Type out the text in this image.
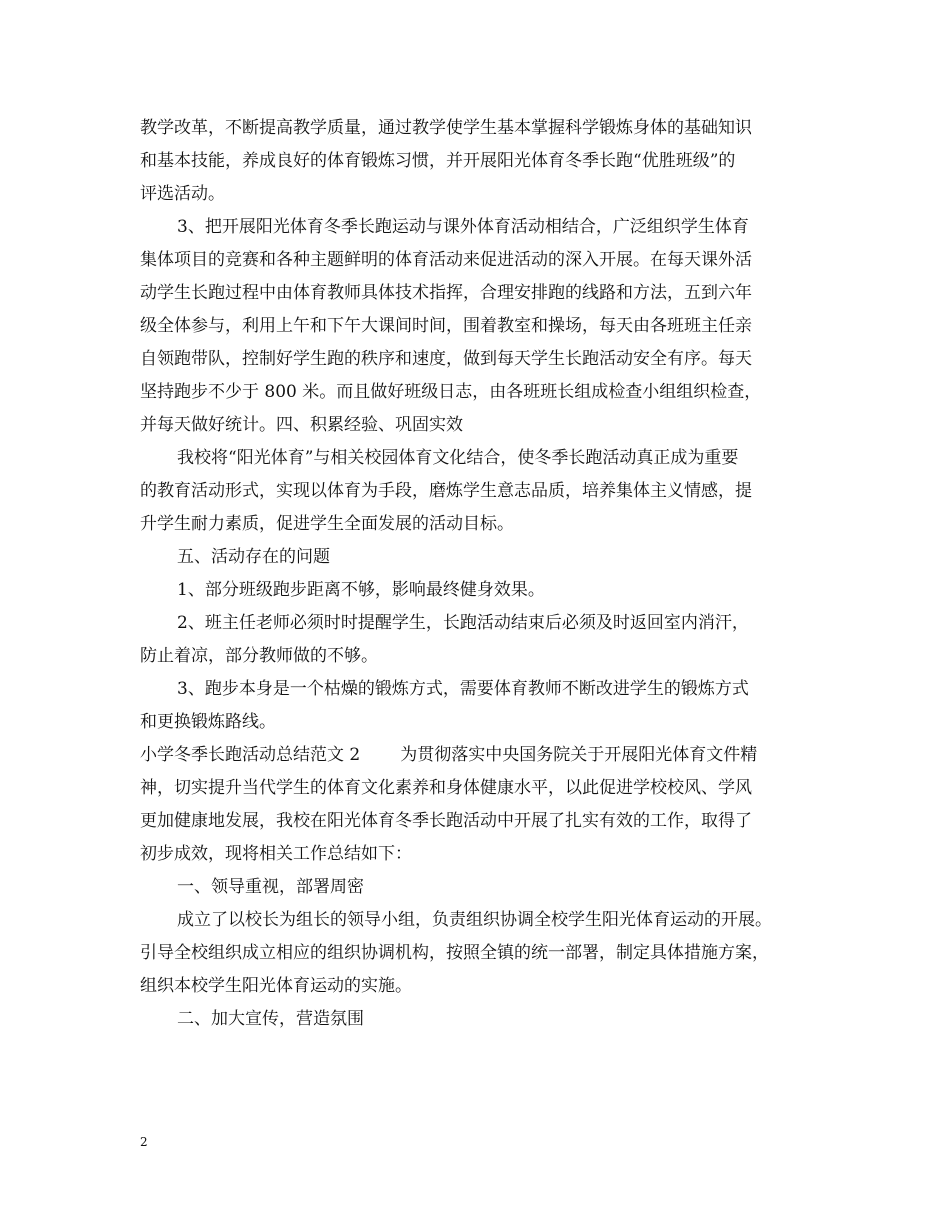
教学改革，不断提高教学质量，通过教学使学生基本掌握科学锻炼身体的基础知识
和基本技能，养成良好的体育锻炼习惯，并开展阳光体育冬季长跑“优胜班级”的
评选活动。
3、把开展阳光体育冬季长跑运动与课外体育活动相结合，广泛组织学生体育
集体项目的竞赛和各种主题鲜明的体育活动来促进活动的深入开展。在每天课外活
动学生长跑过程中由体育教师具体技术指挥，合理安排跑的线路和方法，五到六年
级全体参与，利用上午和下午大课间时间，围着教室和操场，每天由各班班主任亲
自领跑带队，控制好学生跑的秩序和速度，做到每天学生长跑活动安全有序。每天
坚持跑步不少于 800 米。而且做好班级日志，由各班班长组成检查小组组织检查，
并每天做好统计。四、积累经验、巩固实效
我校将“阳光体育”与相关校园体育文化结合，使冬季长跑活动真正成为重要
的教育活动形式，实现以体育为手段，磨炼学生意志品质，培养集体主义情感，提
升学生耐力素质，促进学生全面发展的活动目标。
五、活动存在的问题
1、部分班级跑步距离不够，影响最终健身效果。
2、班主任老师必须时时提醒学生，长跑活动结束后必须及时返回室内消汗，
防止着凉，部分教师做的不够。
3、跑步本身是一个枯燥的锻炼方式，需要体育教师不断改进学生的锻炼方式
和更换锻炼路线。
小学冬季长跑活动总结范文 2 为贯彻落实中央国务院关于开展阳光体育文件精
神，切实提升当代学生的体育文化素养和身体健康水平，以此促进学校校风、学风
更加健康地发展，我校在阳光体育冬季长跑活动中开展了扎实有效的工作，取得了
初步成效，现将相关工作总结如下：
一、领导重视，部署周密
成立了以校长为组长的领导小组，负责组织协调全校学生阳光体育运动的开展。
引导全校组织成立相应的组织协调机构，按照全镇的统一部署，制定具体措施方案，
组织本校学生阳光体育运动的实施。
二、加大宣传，营造氛围
2
